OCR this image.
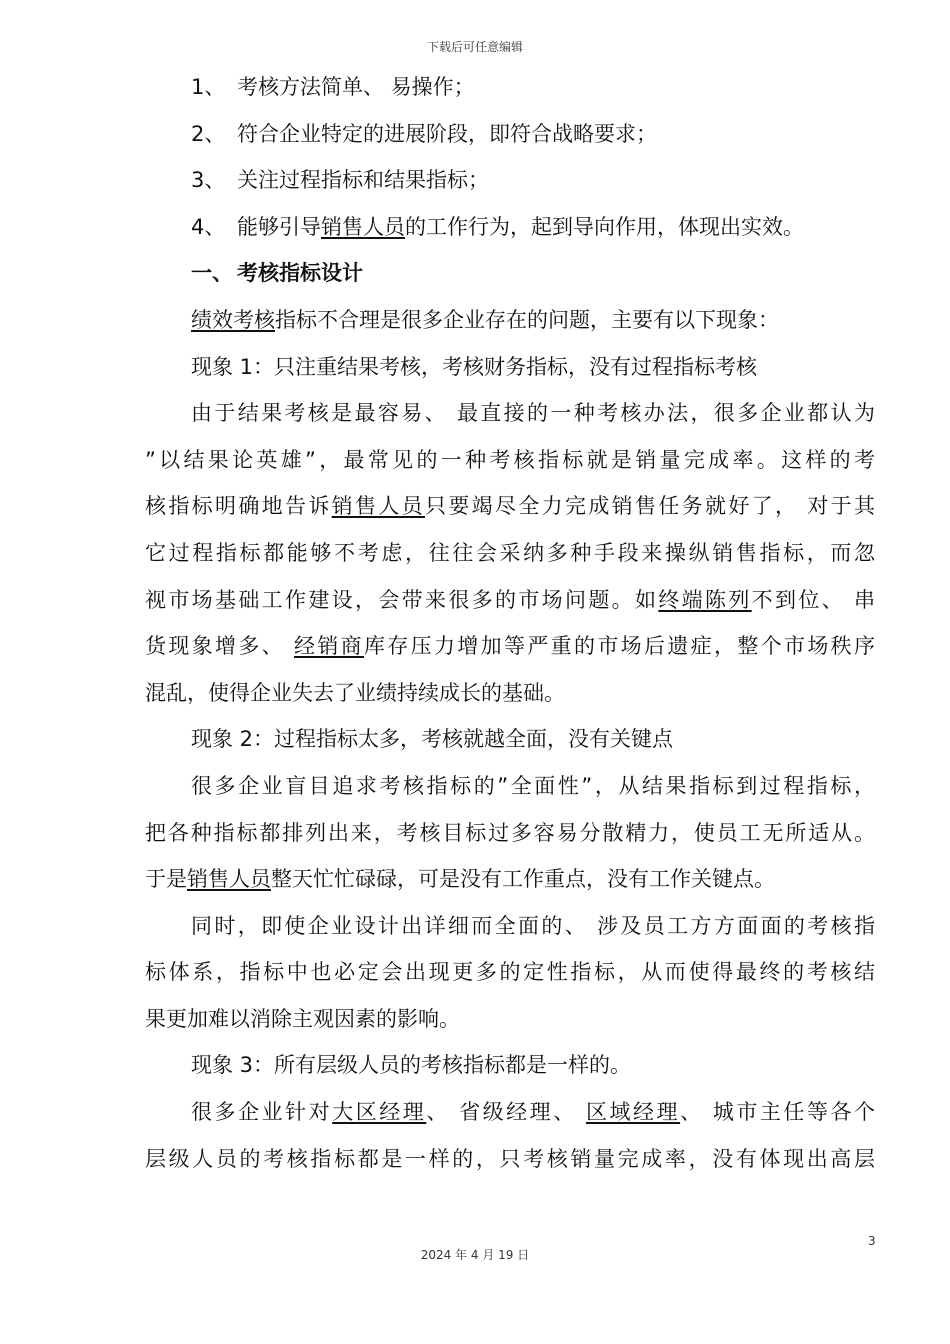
下载后可任意编辑

1、 考核方法简单、 易操作；

2、 符合企业特定的进展阶段，即符合战略要求；

3、 关注过程指标和结果指标；

4、 能够引导销售人员的工作行为，起到导向作用，体现出实效。

一、 考核指标设计

绩效考核指标不合理是很多企业存在的问题，主要有以下现象：

现象 1：只注重结果考核，考核财务指标，没有过程指标考核

由于结果考核是最容易、 最直接的一种考核办法，很多企业都认为

”以结果论英雄”，最常见的一种考核指标就是销量完成率。这样的考

核指标明确地告诉销售人员只要竭尽全力完成销售任务就好了， 对于其

它过程指标都能够不考虑，往往会采纳多种手段来操纵销售指标，而忽

视市场基础工作建设，会带来很多的市场问题。如终端陈列不到位、 串

货现象增多、 经销商库存压力增加等严重的市场后遗症，整个市场秩序

混乱，使得企业失去了业绩持续成长的基础。

现象 2：过程指标太多，考核就越全面，没有关键点

很多企业盲目追求考核指标的”全面性”，从结果指标到过程指标，

把各种指标都排列出来，考核目标过多容易分散精力，使员工无所适从。

于是销售人员整天忙忙碌碌，可是没有工作重点，没有工作关键点。

同时，即使企业设计出详细而全面的、 涉及员工方方面面的考核指

标体系，指标中也必定会出现更多的定性指标，从而使得最终的考核结

果更加难以消除主观因素的影响。

现象 3：所有层级人员的考核指标都是一样的。

很多企业针对大区经理、 省级经理、 区域经理、 城市主任等各个

层级人员的考核指标都是一样的，只考核销量完成率，没有体现出高层

3
2024 年 4 月 19 日
